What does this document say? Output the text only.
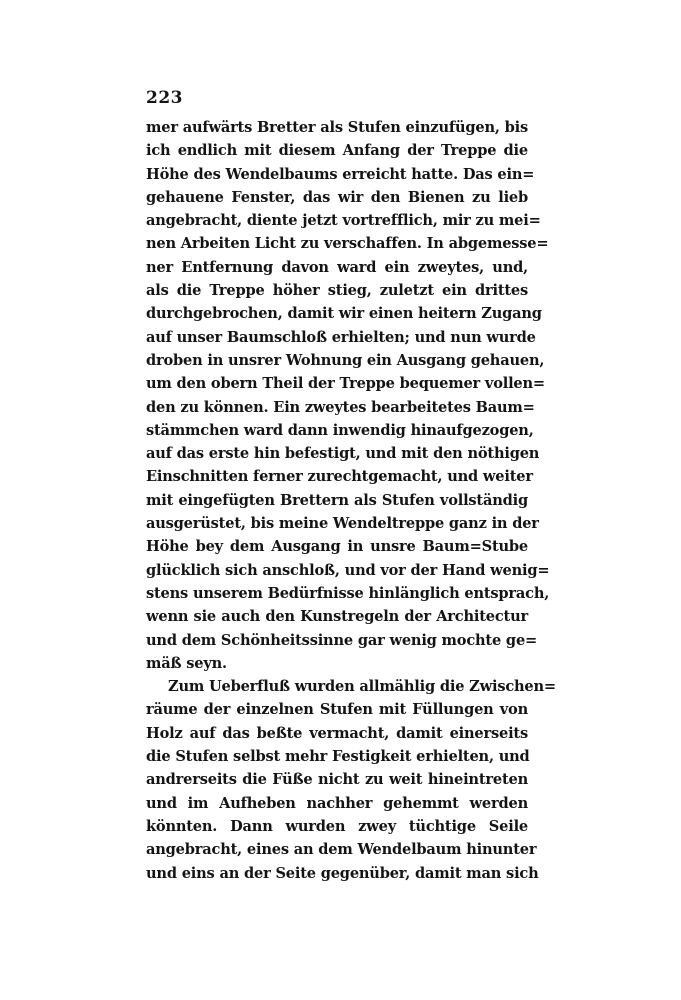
223
mer aufwärts Bretter als Stufen einzufügen, bis
ich endlich mit diesem Anfang der Treppe die
Höhe des Wendelbaums erreicht hatte. Das ein=
gehauene Fenster, das wir den Bienen zu lieb
angebracht, diente jetzt vortrefflich, mir zu mei=
nen Arbeiten Licht zu verschaffen. In abgemesse=
ner Entfernung davon ward ein zweytes, und,
als die Treppe höher stieg, zuletzt ein drittes
durchgebrochen, damit wir einen heitern Zugang
auf unser Baumschloß erhielten; und nun wurde
droben in unsrer Wohnung ein Ausgang gehauen,
um den obern Theil der Treppe bequemer vollen=
den zu können. Ein zweytes bearbeitetes Baum=
stämmchen ward dann inwendig hinaufgezogen,
auf das erste hin befestigt, und mit den nöthigen
Einschnitten ferner zurechtgemacht, und weiter
mit eingefügten Brettern als Stufen vollständig
ausgerüstet, bis meine Wendeltreppe ganz in der
Höhe bey dem Ausgang in unsre Baum=Stube
glücklich sich anschloß, und vor der Hand wenig=
stens unserem Bedürfnisse hinlänglich entsprach,
wenn sie auch den Kunstregeln der Architectur
und dem Schönheitssinne gar wenig mochte ge=
mäß seyn.
Zum Ueberfluß wurden allmählig die Zwischen=
räume der einzelnen Stufen mit Füllungen von
Holz auf das beßte vermacht, damit einerseits
die Stufen selbst mehr Festigkeit erhielten, und
andrerseits die Füße nicht zu weit hineintreten
und im Aufheben nachher gehemmt werden
könnten. Dann wurden zwey tüchtige Seile
angebracht, eines an dem Wendelbaum hinunter
und eins an der Seite gegenüber, damit man sich
